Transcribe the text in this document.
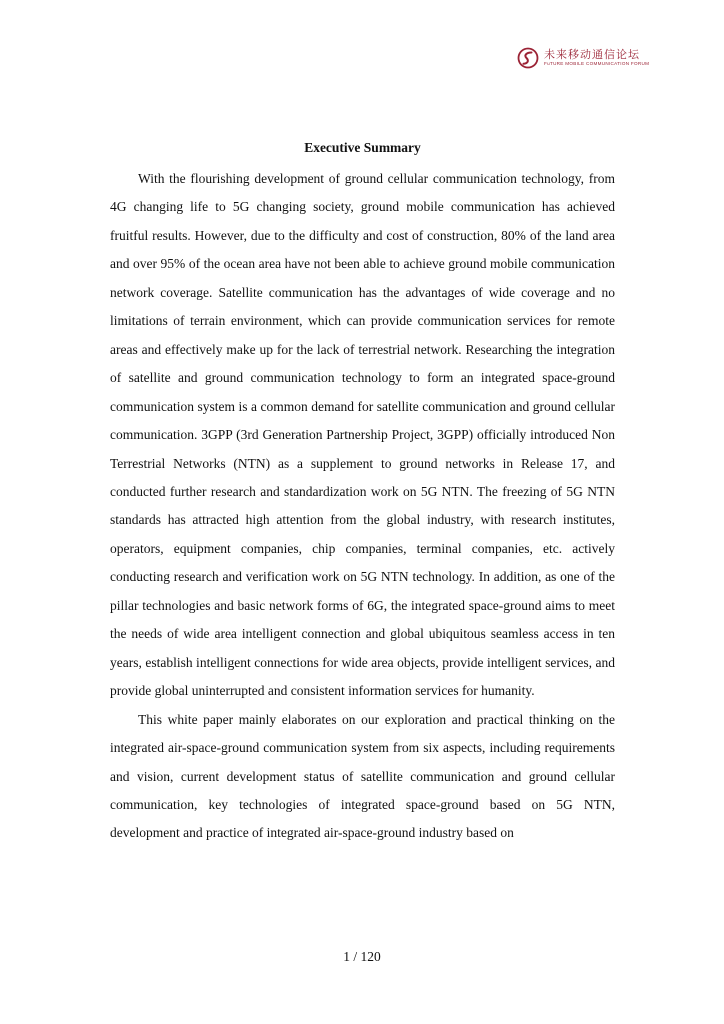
未来移动通信论坛
FuTURE MOBILE COMMUNICATION FORUM
Executive Summary

With the flourishing development of ground cellular communication technology, from 4G changing life to 5G changing society, ground mobile communication has achieved fruitful results. However, due to the difficulty and cost of construction, 80% of the land area and over 95% of the ocean area have not been able to achieve ground mobile communication network coverage. Satellite communication has the advantages of wide coverage and no limitations of terrain environment, which can provide communication services for remote areas and effectively make up for the lack of terrestrial network. Researching the integration of satellite and ground communication technology to form an integrated space-ground communication system is a common demand for satellite communication and ground cellular communication. 3GPP (3rd Generation Partnership Project, 3GPP) officially introduced Non Terrestrial Networks (NTN) as a supplement to ground networks in Release 17, and conducted further research and standardization work on 5G NTN. The freezing of 5G NTN standards has attracted high attention from the global industry, with research institutes, operators, equipment companies, chip companies, terminal companies, etc. actively conducting research and verification work on 5G NTN technology. In addition, as one of the pillar technologies and basic network forms of 6G, the integrated space-ground aims to meet the needs of wide area intelligent connection and global ubiquitous seamless access in ten years, establish intelligent connections for wide area objects, provide intelligent services, and provide global uninterrupted and consistent information services for humanity.

This white paper mainly elaborates on our exploration and practical thinking on the integrated air-space-ground communication system from six aspects, including requirements and vision, current development status of satellite communication and ground cellular communication, key technologies of integrated space-ground based on 5G NTN, development and practice of integrated air-space-ground industry based on

1 / 120
